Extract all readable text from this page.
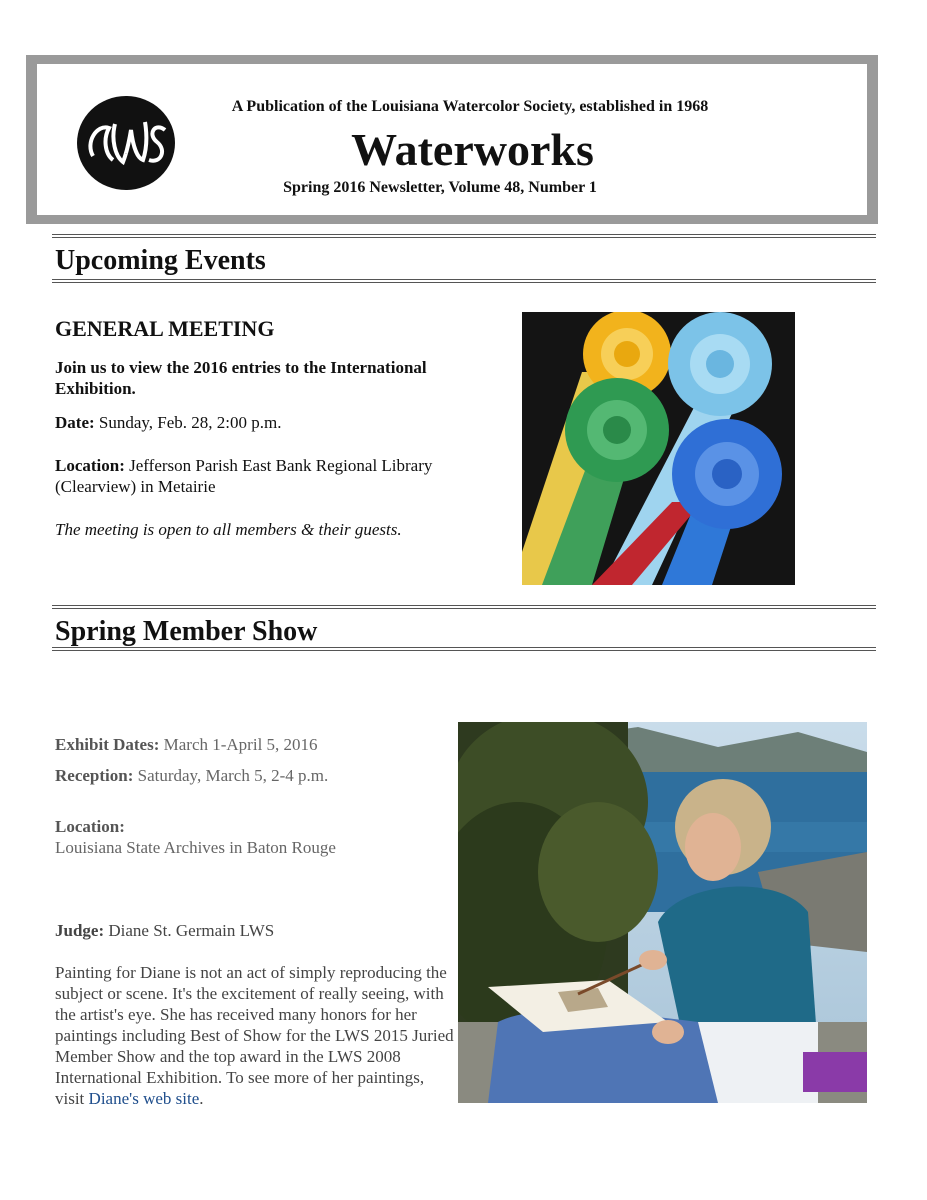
LWS
A Publication of the Louisiana Watercolor Society, established in 1968
Waterworks
Spring 2016 Newsletter, Volume 48, Number 1
Upcoming Events
GENERAL MEETING
Join us to view the 2016 entries to the International Exhibition.
Date: Sunday, Feb. 28, 2:00 p.m.
Location: Jefferson Parish East Bank Regional Library (Clearview) in Metairie
The meeting is open to all members & their guests.
Spring Member Show
Exhibit Dates: March 1-April 5, 2016
Reception: Saturday, March 5, 2-4 p.m.
Location:
Louisiana State Archives in Baton Rouge
Judge: Diane St. Germain LWS
Painting for Diane is not an act of simply reproducing the subject or scene. It's the excitement of really seeing, with the artist's eye. She has received many honors for her paintings including Best of Show for the LWS 2015 Juried Member Show and the top award in the LWS 2008 International Exhibition. To see more of her paintings, visit Diane's web site.
